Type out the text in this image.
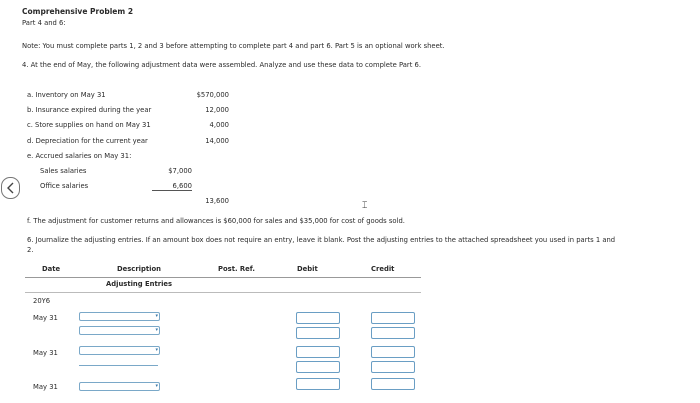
Comprehensive Problem 2
Part 4 and 6:
Note: You must complete parts 1, 2 and 3 before attempting to complete part 4 and part 6. Part 5 is an optional work sheet.
4. At the end of May, the following adjustment data were assembled. Analyze and use these data to complete Part 6.
a. Inventory on May 31	$570,000
b. Insurance expired during the year	12,000
c. Store supplies on hand on May 31	4,000
d. Depreciation for the current year	14,000
e. Accrued salaries on May 31:
Sales salaries	$7,000
Office salaries	6,600
13,600
f. The adjustment for customer returns and allowances is $60,000 for sales and $35,000 for cost of goods sold.
6. Journalize the adjusting entries. If an amount box does not require an entry, leave it blank. Post the adjusting entries to the attached spreadsheet you used in parts 1 and
2.
⌶
Date	Description	Post. Ref.	Debit	Credit
Adjusting Entries
20Y6
May 31	▾
▾
May 31	▾
May 31	▾
